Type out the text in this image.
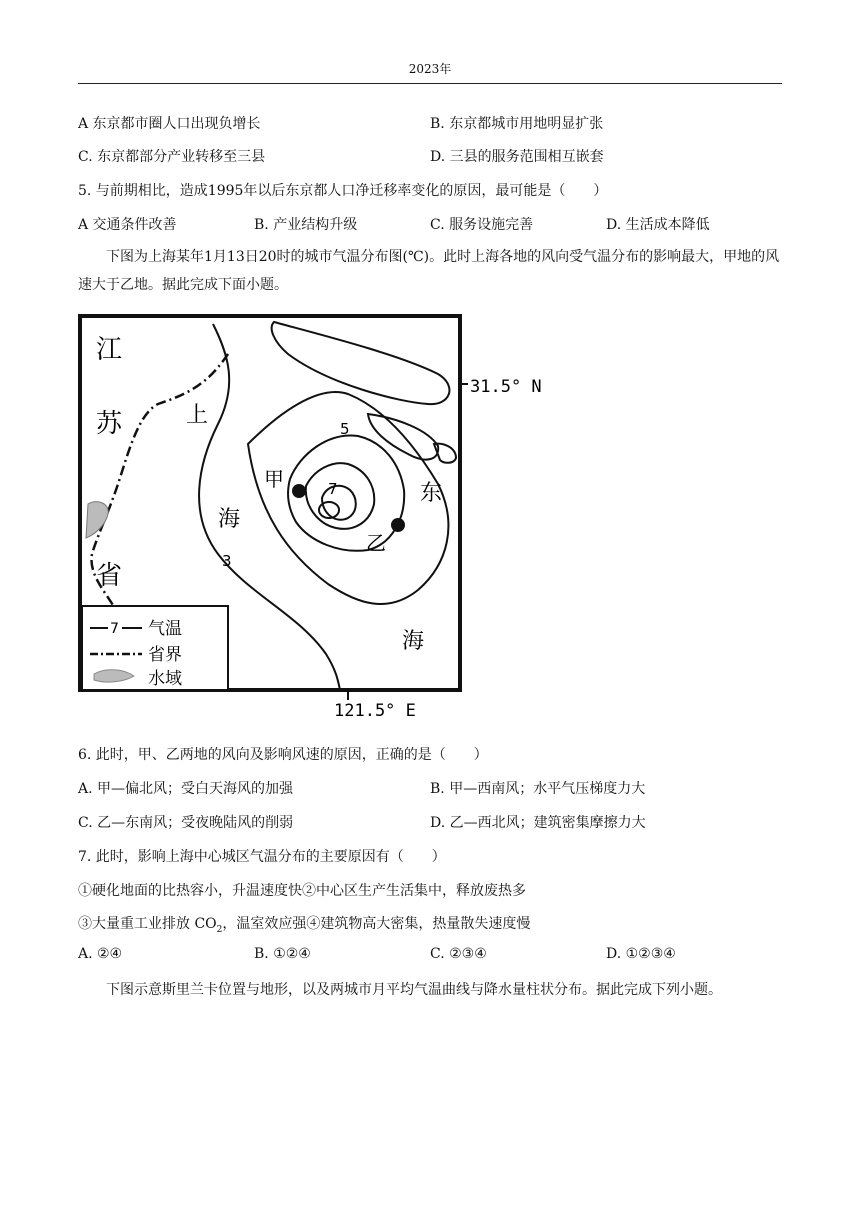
2023年
A 东京都市圈人口出现负增长	B. 东京都城市用地明显扩张
C. 东京都部分产业转移至三县	D. 三县的服务范围相互嵌套
5. 与前期相比，造成1995年以后东京都人口净迁移率变化的原因，最可能是（　　）
A 交通条件改善	B. 产业结构升级	C. 服务设施完善	D. 生活成本降低
下图为上海某年1月13日20时的城市气温分布图(℃)。此时上海各地的风向受气温分布的影响最大，甲地的风速大于乙地。据此完成下面小题。
江
苏
省
上
海
东
海
甲
乙
3
5
7
31.5° N
121.5° E
7 气温
省界
水域
6. 此时，甲、乙两地的风向及影响风速的原因，正确的是（　　）
A. 甲—偏北风；受白天海风的加强	B. 甲—西南风；水平气压梯度力大
C. 乙—东南风；受夜晚陆风的削弱	D. 乙—西北风；建筑密集摩擦力大
7. 此时，影响上海中心城区气温分布的主要原因有（　　）
①硬化地面的比热容小，升温速度快②中心区生产生活集中，释放废热多
③大量重工业排放 $CO_2$，温室效应强④建筑物高大密集，热量散失速度慢
A. ②④	B. ①②④	C. ②③④	D. ①②③④
下图示意斯里兰卡位置与地形，以及两城市月平均气温曲线与降水量柱状分布。据此完成下列小题。
